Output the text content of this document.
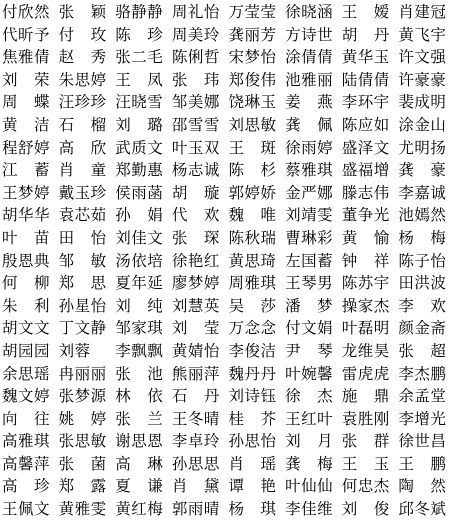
付欣然 张　颖 骆静静 周礼怡 万莹莹 徐晓涵 王　嫒 肖建冠
代昕予 付　玫 陈　珍 周美玲 龚丽芳 方诗世 胡　丹 黄飞宇
焦雅倩 赵　秀 张二毛 陈俐哲 宋梦怡 涂倩倩 黄华玉 许文强
刘　荣 朱思婷 王　凤 张　玮 郑俊伟 池雅丽 陆倩倩 许豪豪
周　蝶 汪珍珍 汪晓雪 邹美娜 饶琳玉 姜　燕 李环宇 裴成明
黄　洁 石　榴 刘　璐 邵雪雪 刘思敏 龚　佩 陈应如 涂金山
程舒婷 高　欣 武质文 叶玉双 王　斑 徐雨婷 盛泽文 尤明扬
江　蓄 肖　童 郑勤惠 杨志诚 陈　杉 蔡雅琪 盛福增 龚　豪
王梦婷 戴玉珍 侯雨菡 胡　璇 郭婷娇 金严娜 滕志伟 李嘉诚
胡华华 袁芯茹 孙　娟 代　欢 魏　唯 刘靖雯 董争光 池嫣然
叶　苗 田　怡 刘佳文 张　琛 陈秋瑞 曹琳彩 黄　愉 杨　梅
殷恩典 邹　敏 汤依培 徐艳红 黄思琦 左国蓄 钟　祥 陈子怡
何　柳 郑　思 夏年延 廖梦婷 周雅琪 王琴男 陈苏宇 田洪波
朱　利 孙星怡 刘　纯 刘慧英 吴　莎 潘　梦 操家杰 李　欢
胡文文 丁文静 邹家琪 刘　莹 万念念 付文娟 叶磊明 颜金斋
胡园园 刘蓉	李飘飘 黄婧怡 李俊洁 尹　琴 龙维昊 张　超
余思瑶 冉丽丽 张　池 熊丽萍 魏丹丹 叶婉馨 雷虎虎 李杰鹏
魏文婷 张梦源 林　依 石　丹 刘诗钰 徐　杰 施　鼎 余孟堂
向　往 姚　婷 张　兰 王冬晴 桂　芥 王红叶 袁胜刚 李增光
高雅琪 张思敏 谢思恩 李卓玲 孙思怡 刘　月 张　群 徐世昌
高馨萍 张　菌 高　琳 孙思思 肖　瑶 龚　梅 王　玉 王　鹏
高　珍 郑　露 夏　谦 肖　黛 谭　艳 叶仙仙 何忠杰 陶　然
王佩文 黄雅雯 黄红梅 郭雨晴 杨　琪 李佳维 刘　俊 邱冬斌
